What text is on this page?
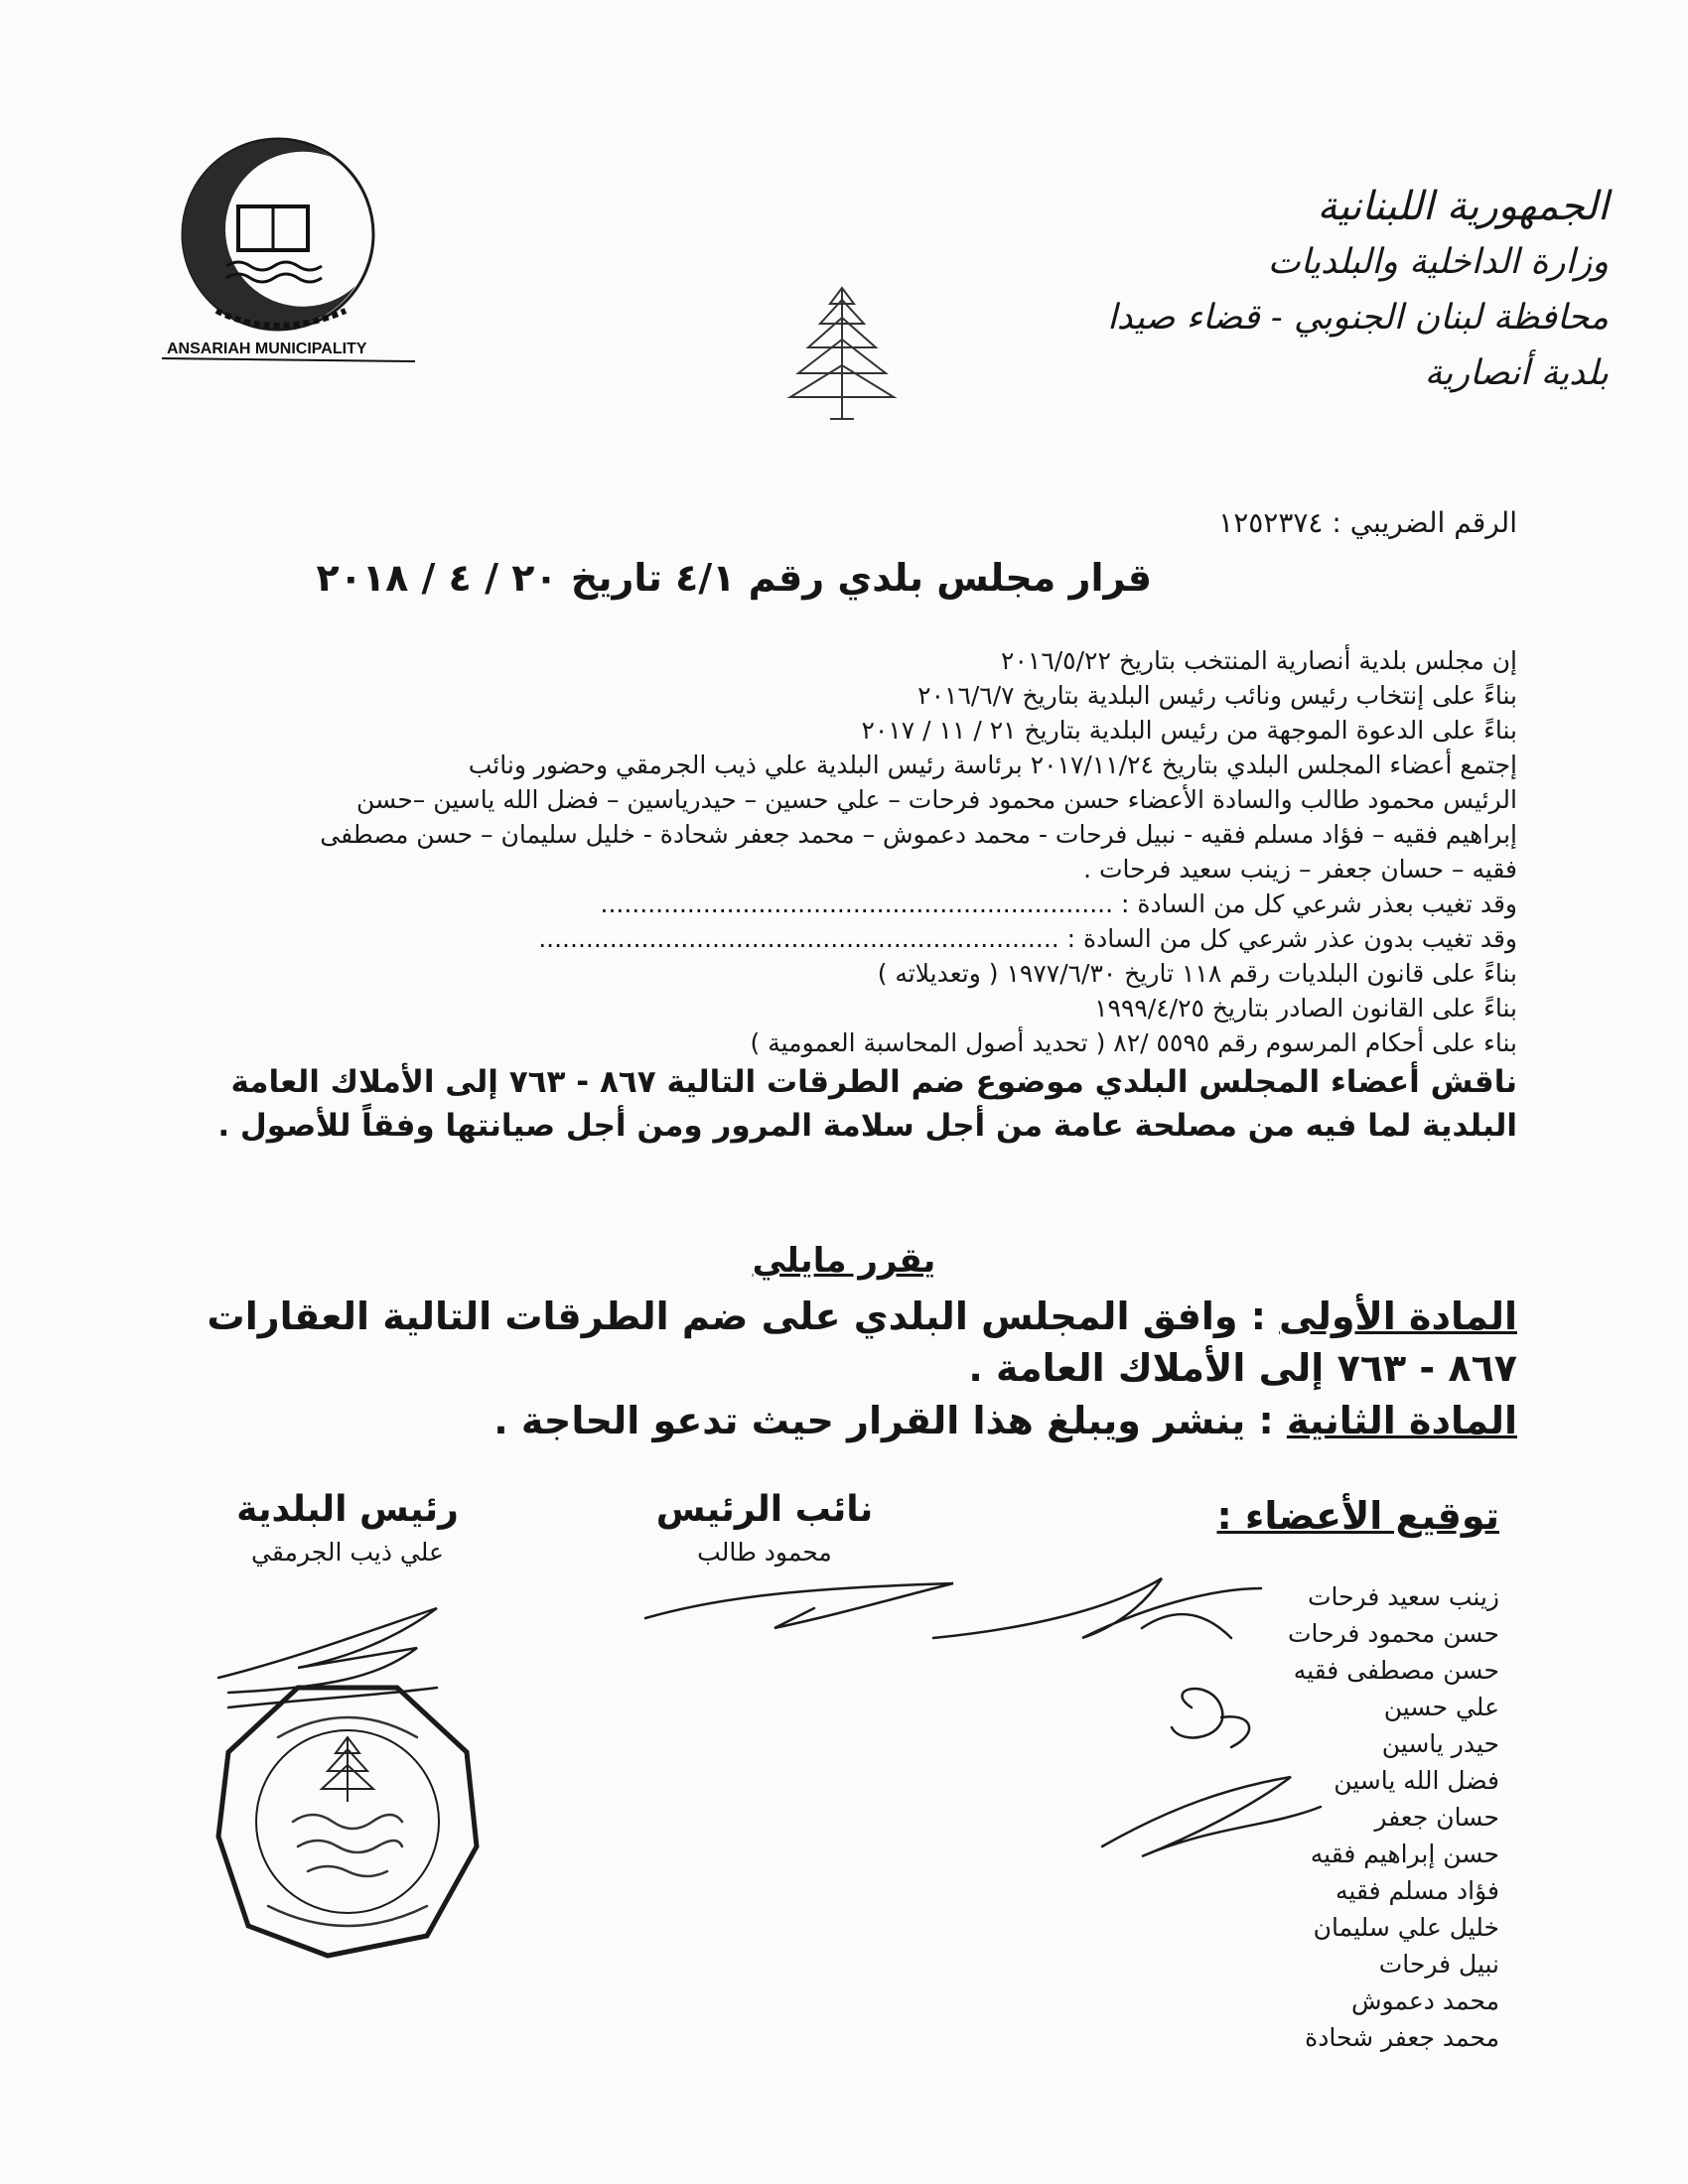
ANSARIAH MUNICIPALITY
الجمهورية اللبنانية
وزارة الداخلية والبلديات
محافظة لبنان الجنوبي - قضاء صيدا
بلدية أنصارية
الرقم الضريبي : ١٢٥٢٣٧٤
قرار مجلس بلدي رقم ٤/١ تاريخ ٢٠ / ٤ / ٢٠١٨
إن مجلس بلدية أنصارية المنتخب بتاريخ ٢٠١٦/٥/٢٢
بناءً على إنتخاب رئيس ونائب رئيس البلدية بتاريخ ٢٠١٦/٦/٧
بناءً على الدعوة الموجهة من رئيس البلدية بتاريخ ٢١ / ١١ / ٢٠١٧
إجتمع أعضاء المجلس البلدي بتاريخ ٢٠١٧/١١/٢٤ برئاسة رئيس البلدية علي ذيب الجرمقي وحضور ونائب
الرئيس محمود طالب والسادة الأعضاء حسن محمود فرحات – علي حسين – حيدرياسين – فضل الله ياسين –حسن
إبراهيم فقيه – فؤاد مسلم فقيه - نبيل فرحات - محمد دعموش – محمد جعفر شحادة - خليل سليمان – حسن مصطفى
فقيه – حسان جعفر – زينب سعيد فرحات .
وقد تغيب بعذر شرعي كل من السادة : .................................................................
وقد تغيب بدون عذر شرعي كل من السادة : ..................................................................
بناءً على قانون البلديات رقم ١١٨ تاريخ ١٩٧٧/٦/٣٠ ( وتعديلاته )
بناءً على القانون الصادر بتاريخ ١٩٩٩/٤/٢٥
بناء على أحكام المرسوم رقم ٥٥٩٥ /٨٢ ( تحديد أصول المحاسبة العمومية )
ناقش أعضاء المجلس البلدي موضوع ضم الطرقات التالية ٨٦٧ - ٧٦٣ إلى الأملاك العامة البلدية لما فيه من مصلحة عامة من أجل سلامة المرور ومن أجل صيانتها وفقاً للأصول .
يقرر مايلي
المادة الأولى : وافق المجلس البلدي على ضم الطرقات التالية العقارات ٨٦٧ - ٧٦٣ إلى الأملاك العامة .
المادة الثانية : ينشر ويبلغ هذا القرار حيث تدعو الحاجة .
رئيس البلدية
علي ذيب الجرمقي
نائب الرئيس
محمود طالب
توقيع الأعضاء :
زينب سعيد فرحات
حسن محمود فرحات
حسن مصطفى فقيه
علي حسين
حيدر ياسين
فضل الله ياسين
حسان جعفر
حسن إبراهيم فقيه
فؤاد مسلم فقيه
خليل علي سليمان
نبيل فرحات
محمد دعموش
محمد جعفر شحادة
